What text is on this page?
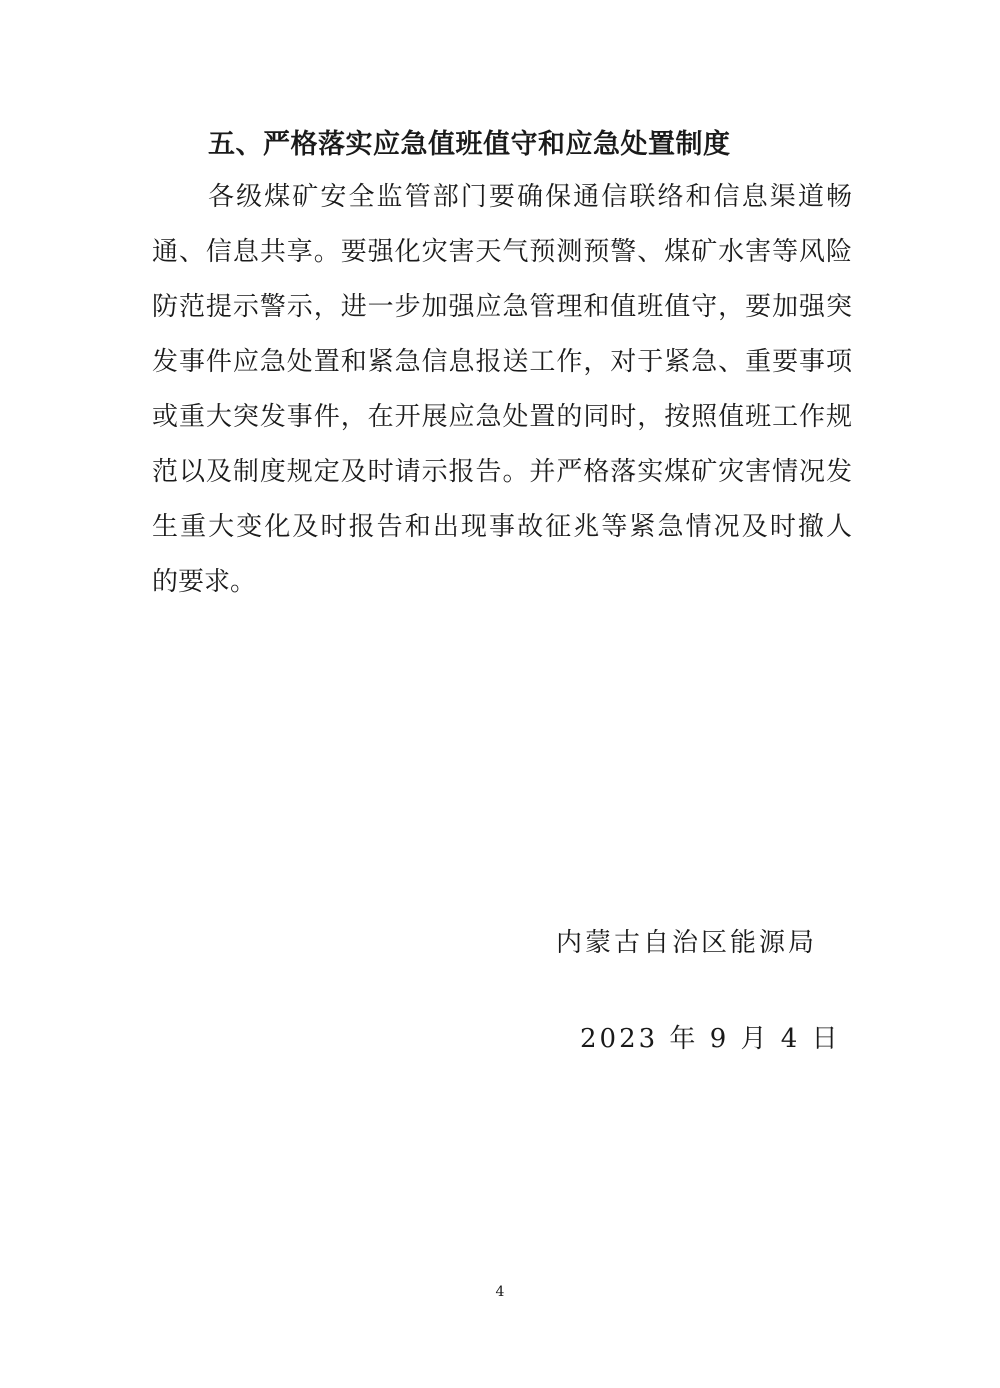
五、严格落实应急值班值守和应急处置制度
各级煤矿安全监管部门要确保通信联络和信息渠道畅
通、信息共享。要强化灾害天气预测预警、煤矿水害等风险
防范提示警示，进一步加强应急管理和值班值守，要加强突
发事件应急处置和紧急信息报送工作，对于紧急、重要事项
或重大突发事件，在开展应急处置的同时，按照值班工作规
范以及制度规定及时请示报告。并严格落实煤矿灾害情况发
生重大变化及时报告和出现事故征兆等紧急情况及时撤人
的要求。
内蒙古自治区能源局
2023 年 9 月 4 日
4
